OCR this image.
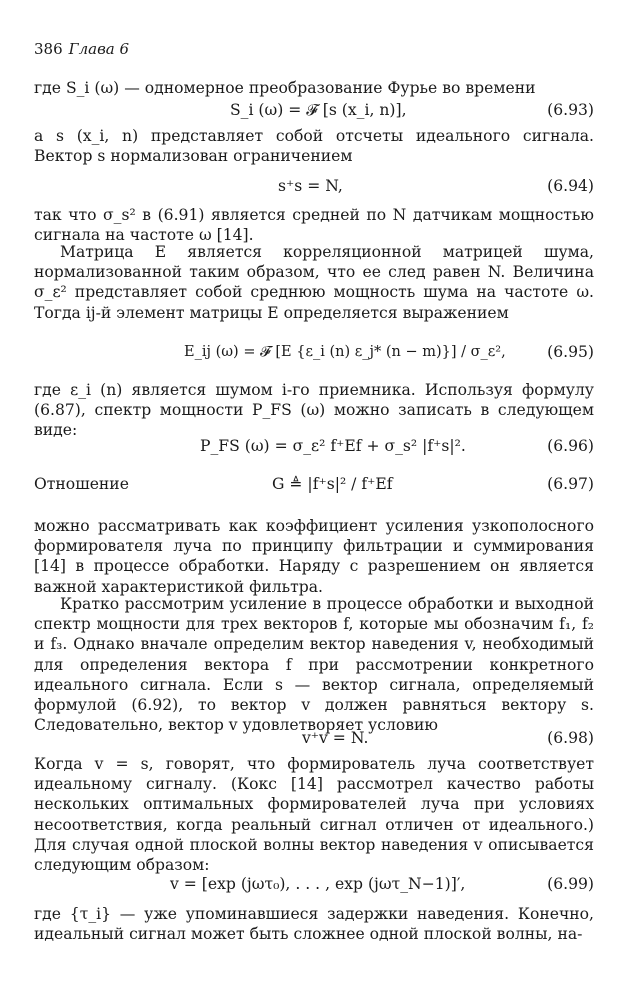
386 Глава 6
где S_i (ω) — одномерное преобразование Фурье во времени
S_i (ω) = 𝓕 [s (x_i, n)],	(6.93)
а s (x_i, n) представляет собой отсчеты идеального сигнала. Вектор s нормализован ограничением
s⁺s = N,	(6.94)
так что σ_s² в (6.91) является средней по N датчикам мощностью сигнала на частоте ω [14].
Матрица E является корреляционной матрицей шума, нормализованной таким образом, что ее след равен N. Величина σ_ε² представляет собой среднюю мощность шума на частоте ω. Тогда ij-й элемент матрицы E определяется выражением
E_ij (ω) = 𝓕 [E {ε_i (n) ε_j* (n − m)}] / σ_ε²,	(6.95)
где ε_i (n) является шумом i-го приемника. Используя формулу (6.87), спектр мощности P_FS (ω) можно записать в следующем виде:
P_FS (ω) = σ_ε² f⁺Ef + σ_s² |f⁺s|².	(6.96)
Отношение	G ≜ |f⁺s|² / f⁺Ef	(6.97)
можно рассматривать как коэффициент усиления узкополосного формирователя луча по принципу фильтрации и суммирования [14] в процессе обработки. Наряду с разрешением он является важной характеристикой фильтра.
Кратко рассмотрим усиление в процессе обработки и выходной спектр мощности для трех векторов f, которые мы обозначим f₁, f₂ и f₃. Однако вначале определим вектор наведения v, необходимый для определения вектора f при рассмотрении конкретного идеального сигнала. Если s — вектор сигнала, определяемый формулой (6.92), то вектор v должен равняться вектору s. Следовательно, вектор v удовлетворяет условию
v⁺v = N.	(6.98)
Когда v = s, говорят, что формирователь луча соответствует идеальному сигналу. (Кокс [14] рассмотрел качество работы нескольких оптимальных формирователей луча при условиях несоответствия, когда реальный сигнал отличен от идеального.) Для случая одной плоской волны вектор наведения v описывается следующим образом:
v = [exp (jωτ₀), . . . , exp (jωτ_N−1)]′,	(6.99)
где {τ_i} — уже упоминавшиеся задержки наведения. Конечно, идеальный сигнал может быть сложнее одной плоской волны, на-
